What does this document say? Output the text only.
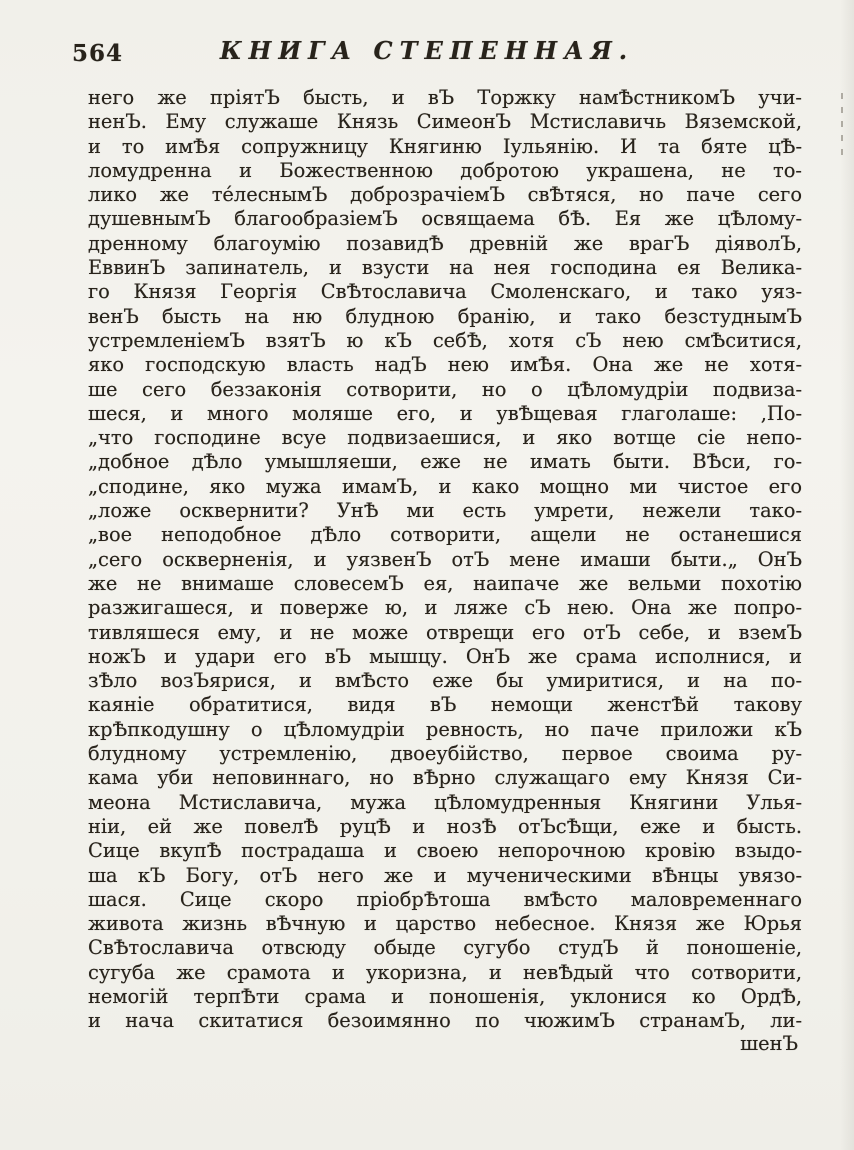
564	КНИГА СТЕПЕННАЯ.
него же пріятЪ бысть, и вЪ Торжку намѢстникомЪ учи-
ненЪ. Ему служаше Князь СимеонЪ Мстиславичь Вяземской,
и то имѢя сопружницу Княгиню Іульянію. И та бяте цѢ-
ломудренна и Божественною добротою украшена, не то-
лико же те́леснымЪ доброзрачіемЪ свѢтяся, но паче сего
душевнымЪ благообразіемЪ освящаема бѢ. Ея же цѢлому-
дренному благоумію позавидѢ древній же врагЪ діяволЪ,
ЕввинЪ запинатель, и взусти на нея господина ея Велика-
го Князя Георгія СвѢтославича Смоленскаго, и тако уяз-
венЪ бысть на ню блудною бранію, и тако безстуднымЪ
устремленіемЪ взятЪ ю кЪ себѢ, хотя сЪ нею смѢситися,
яко господскую власть надЪ нею имѢя. Она же не хотя-
ше сего беззаконія сотворити, но о цѢломудріи подвиза-
шеся, и много моляше его, и увѢщевая глаголаше: ,По-
„что господине всуе подвизаешися, и яко вотще сіе непо-
„добное дѢло умышляеши, еже не имать быти. ВѢси, го-
„сподине, яко мужа имамЪ, и како мощно ми чистое его
„ложе осквернити? УнѢ ми есть умрети, нежели тако-
„вое неподобное дѢло сотворити, ащели не останешися
„сего оскверненія, и уязвенЪ отЪ мене имаши быти.„ ОнЪ
же не внимаше словесемЪ ея, наипаче же вельми похотію
разжигашеся, и поверже ю, и ляже сЪ нею. Она же попро-
тивляшеся ему, и не може отврещи его отЪ себе, и вземЪ
ножЪ и удари его вЪ мышцу. ОнЪ же срама исполнися, и
зѢло возЪярися, и вмѢсто еже бы умиритися, и на по-
каяніе обратитися, видя вЪ немощи женстѢй такову
крѢпкодушну о цѢломудріи ревность, но паче приложи кЪ
блудному устремленію, двоеубійство, первое своима ру-
кама уби неповиннаго, но вѢрно служащаго ему Князя Си-
меона Мстиславича, мужа цѢломудренныя Княгини Улья-
ніи, ей же повелѢ руцѢ и нозѢ отЪсѢщи, еже и бысть.
Сице вкупѢ пострадаша и своею непорочною кровію взыдо-
ша кЪ Богу, отЪ него же и мученическими вѢнцы увязо-
шася. Сице скоро пріобрѢтоша вмѢсто маловременнаго
живота жизнь вѢчную и царство небесное. Князя же Юрья
СвѢтославича отвсюду обыде сугубо студЪ й поношеніе,
сугуба же срамота и укоризна, и невѢдый что сотворити,
немогій терпѢти срама и поношенія, уклонися ко ОрдѢ,
и нача скитатися безоимянно по чюжимЪ странамЪ, ли-
шенЪ
